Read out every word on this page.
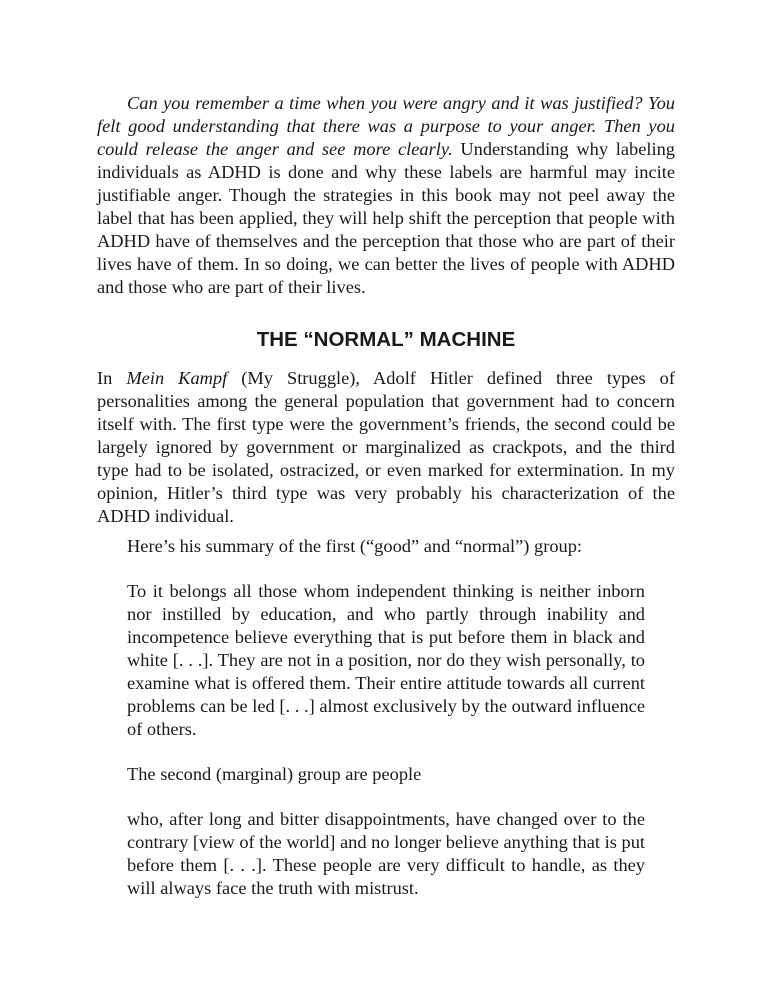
Can you remember a time when you were angry and it was justified? You felt good understanding that there was a purpose to your anger. Then you could release the anger and see more clearly. Understanding why labeling individuals as ADHD is done and why these labels are harmful may incite justifiable anger. Though the strategies in this book may not peel away the label that has been applied, they will help shift the perception that people with ADHD have of themselves and the perception that those who are part of their lives have of them. In so doing, we can better the lives of people with ADHD and those who are part of their lives.

THE “NORMAL” MACHINE

In Mein Kampf (My Struggle), Adolf Hitler defined three types of personalities among the general population that government had to concern itself with. The first type were the government’s friends, the second could be largely ignored by government or marginalized as crackpots, and the third type had to be isolated, ostracized, or even marked for extermination. In my opinion, Hitler’s third type was very probably his characterization of the ADHD individual.

Here’s his summary of the first (“good” and “normal”) group:

To it belongs all those whom independent thinking is neither inborn nor instilled by education, and who partly through inability and incompetence believe everything that is put before them in black and white [. . .]. They are not in a position, nor do they wish personally, to examine what is offered them. Their entire attitude towards all current problems can be led [. . .] almost exclusively by the outward influence of others.

The second (marginal) group are people

who, after long and bitter disappointments, have changed over to the contrary [view of the world] and no longer believe anything that is put before them [. . .]. These people are very difficult to handle, as they will always face the truth with mistrust.
